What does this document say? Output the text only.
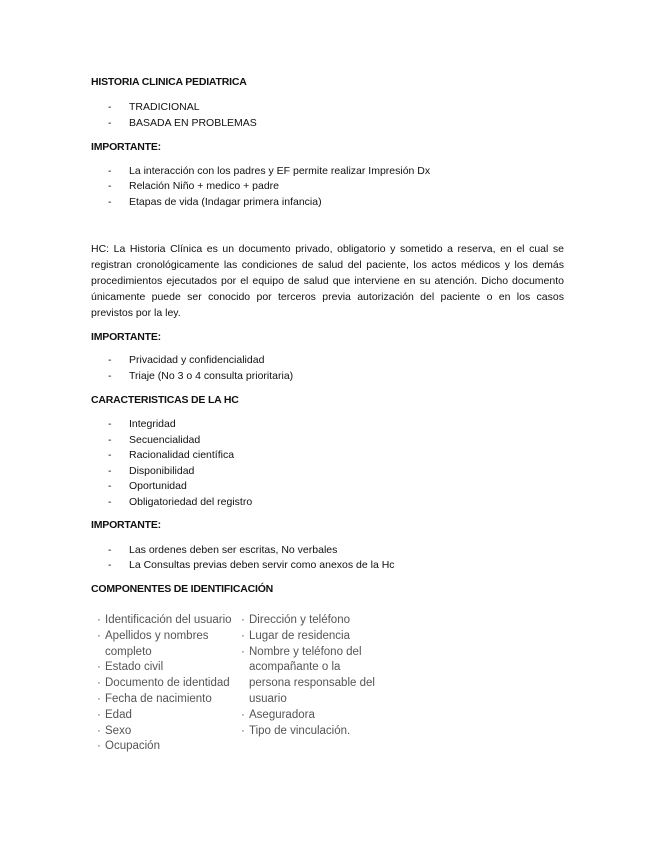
HISTORIA CLINICA PEDIATRICA
- TRADICIONAL
- BASADA EN PROBLEMAS
IMPORTANTE:
- La interacción con los padres y EF permite realizar Impresión Dx
- Relación Niño + medico + padre
- Etapas de vida (Indagar primera infancia)
HC: La Historia Clínica es un documento privado, obligatorio y sometido a reserva, en el cual se
registran cronológicamente las condiciones de salud del paciente, los actos médicos y los demás
procedimientos ejecutados por el equipo de salud que interviene en su atención. Dicho documento
únicamente puede ser conocido por terceros previa autorización del paciente o en los casos
previstos por la ley.
IMPORTANTE:
- Privacidad y confidencialidad
- Triaje (No 3 o 4 consulta prioritaria)
CARACTERISTICAS DE LA HC
- Integridad
- Secuencialidad
- Racionalidad científica
- Disponibilidad
- Oportunidad
- Obligatoriedad del registro
IMPORTANTE:
- Las ordenes deben ser escritas, No verbales
- La Consultas previas deben servir como anexos de la Hc
COMPONENTES DE IDENTIFICACIÓN
· Identificación del usuario
· Apellidos y nombres
completo
· Estado civil
· Documento de identidad
· Fecha de nacimiento
· Edad
· Sexo
· Ocupación
· Dirección y teléfono
· Lugar de residencia
· Nombre y teléfono del
acompañante o la
persona responsable del
usuario
· Aseguradora
· Tipo de vinculación.
